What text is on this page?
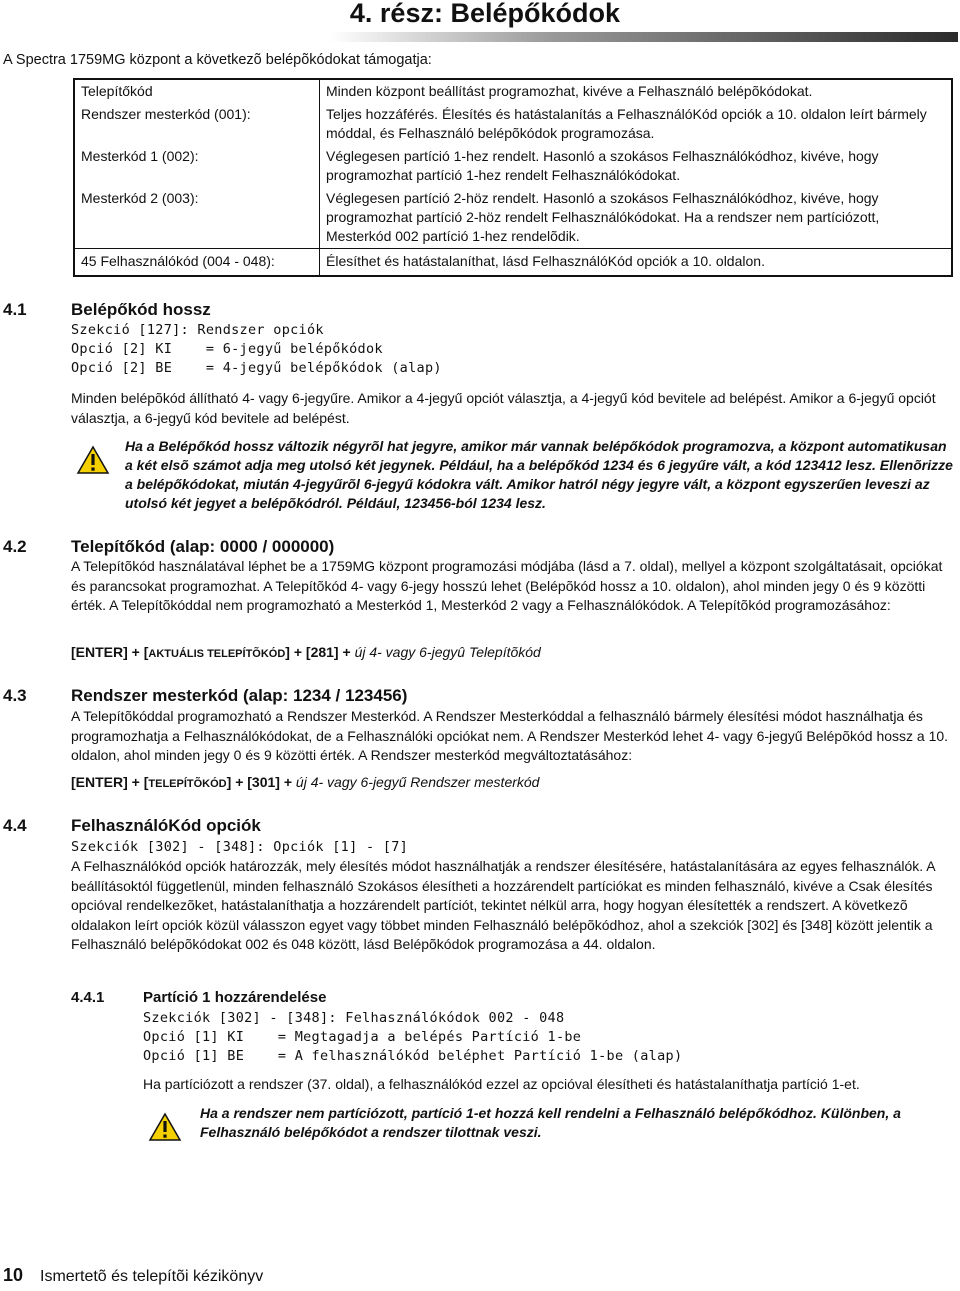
4. rész: Belépőkódok
A Spectra 1759MG központ a következõ belépõkódokat támogatja:
Telepítőkód	Minden központ beállítást programozhat, kivéve a Felhasználó belépõkódokat.
Rendszer mesterkód (001):	Teljes hozzáférés. Élesítés és hatástalanítás a FelhasználóKód opciók a 10. oldalon leírt bármely móddal, és Felhasználó belépõkódok programozása.
Mesterkód 1 (002):	Véglegesen partíció 1-hez rendelt. Hasonló a szokásos Felhasználókódhoz, kivéve, hogy programozhat partíció 1-hez rendelt Felhasználókódokat.
Mesterkód 2 (003):	Véglegesen partíció 2-höz rendelt. Hasonló a szokásos Felhasználókódhoz, kivéve, hogy programozhat partíció 2-höz rendelt Felhasználókódokat. Ha a rendszer nem partíciózott, Mesterkód 002 partíció 1-hez rendelõdik.
45 Felhasználókód (004 - 048):	Élesíthet és hatástalaníthat, lásd FelhasználóKód opciók a 10. oldalon.
4.1	Belépőkód hossz
Szekció [127]: Rendszer opciók
Opció [2] KI    = 6-jegyű belépőkódok
Opció [2] BE    = 4-jegyű belépőkódok (alap)
Minden belépõkód állítható 4- vagy 6-jegyűre. Amikor a 4-jegyű opciót választja, a 4-jegyű kód bevitele ad belépést. Amikor a 6-jegyű opciót választja, a 6-jegyű kód bevitele ad belépést.
Ha a Belépőkód hossz változik négyrõl hat jegyre, amikor már vannak belépőkódok programozva, a központ automatikusan a két elsõ számot adja meg utolsó két jegynek. Például, ha a belépőkód 1234 és 6 jegyűre vált, a kód 123412 lesz. Ellenõrizze a belépőkódokat, miután 4-jegyűrõl 6-jegyű kódokra vált. Amikor hatról négy jegyre vált, a központ egyszerűen leveszi az utolsó két jegyet a belépõkódról. Például, 123456-ból 1234 lesz.
4.2	Telepítőkód (alap: 0000 / 000000)
A Telepítõkód használatával léphet be a 1759MG központ programozási módjába (lásd a 7. oldal), mellyel a központ szolgáltatásait, opciókat és parancsokat programozhat. A Telepítõkód 4- vagy 6-jegy hosszú lehet (Belépõkód hossz a 10. oldalon), ahol minden jegy 0 és 9 közötti érték. A Telepítõkóddal nem programozható a Mesterkód 1, Mesterkód 2 vagy a Felhasználókódok. A Telepítõkód programozásához:
[ENTER] + [AKTUÁLIS TELEPÍTÕKÓD] + [281] + új 4- vagy 6-jegyû Telepítõkód
4.3	Rendszer mesterkód (alap: 1234 / 123456)
A Telepítõkóddal programozható a Rendszer Mesterkód. A Rendszer Mesterkóddal a felhasználó bármely élesítési módot használhatja és programozhatja a Felhasználókódokat, de a Felhasználóki opciókat nem. A Rendszer Mesterkód lehet 4- vagy 6-jegyű Belépõkód hossz a 10. oldalon, ahol minden jegy 0 és 9 közötti érték. A Rendszer mesterkód megváltoztatásához:
[ENTER] + [TELEPÍTÕKÓD] + [301] + új 4- vagy 6-jegyű Rendszer mesterkód
4.4	FelhasználóKód opciók
Szekciók [302] - [348]: Opciók [1] - [7]
A Felhasználókód opciók határozzák, mely élesítés módot használhatják a rendszer élesítésére, hatástalanítására az egyes felhasználók. A beállításoktól függetlenül, minden felhasználó Szokásos élesítheti a hozzárendelt partíciókat es minden felhasználó, kivéve a Csak élesítés opcióval rendelkezõket, hatástalaníthatja a hozzárendelt partíciót, tekintet nélkül arra, hogy hogyan élesítették a rendszert. A következõ oldalakon leírt opciók közül válasszon egyet vagy többet minden Felhasználó belépõkódhoz, ahol a szekciók [302] és [348] között jelentik a Felhasználó belépõkódokat 002 és 048 között, lásd Belépõkódok programozása a 44. oldalon.
4.4.1	Partíció 1 hozzárendelése
Szekciók [302] - [348]: Felhasználókódok 002 - 048
Opció [1] KI    = Megtagadja a belépés Partíció 1-be
Opció [1] BE    = A felhasználókód beléphet Partíció 1-be (alap)
Ha partíciózott a rendszer (37. oldal), a felhasználókód ezzel az opcióval élesítheti és hatástalaníthatja partíció 1-et.
Ha a rendszer nem partíciózott, partíció 1-et hozzá kell rendelni a Felhasználó belépőkódhoz. Különben, a Felhasználó belépőkódot a rendszer tilottnak veszi.
10 Ismertetõ és telepítõi kézikönyv
